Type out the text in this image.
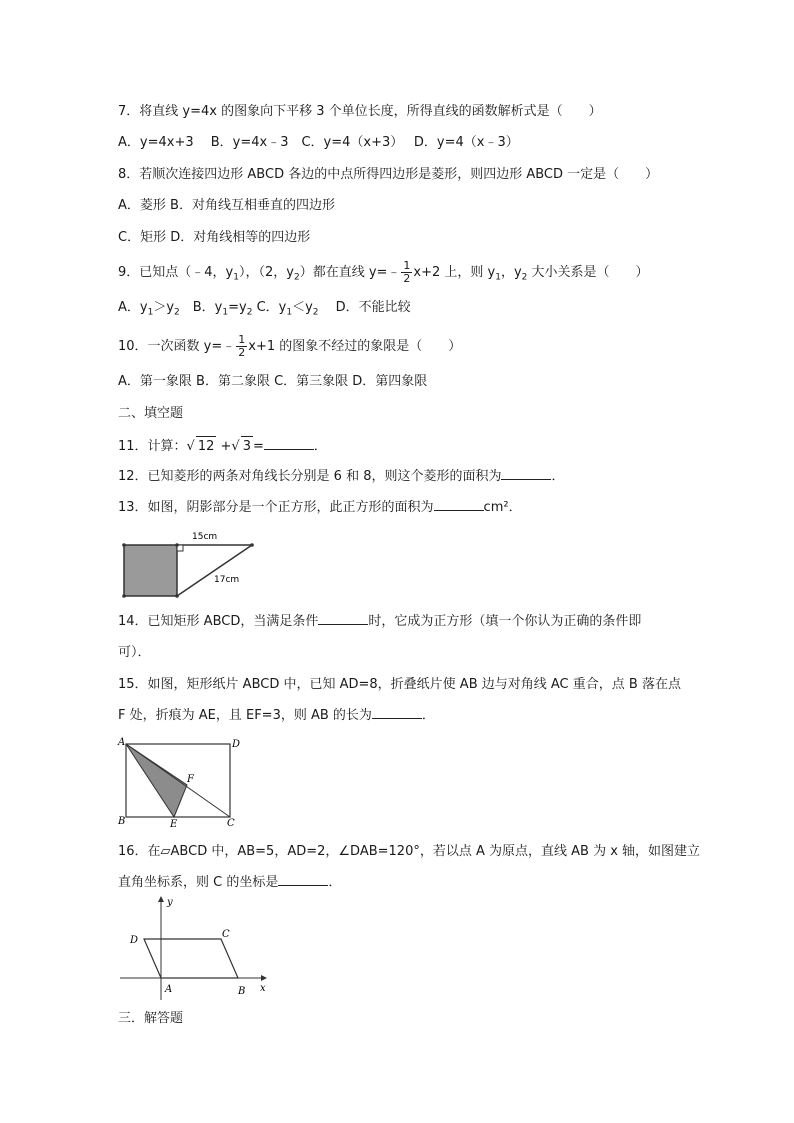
7．将直线 y=4x 的图象向下平移 3 个单位长度，所得直线的函数解析式是（　　）
A．y=4x+3　 B．y=4x﹣3　C．y=4（x+3）　 D．y=4（x﹣3）
8．若顺次连接四边形 ABCD 各边的中点所得四边形是菱形，则四边形 ABCD 一定是（　　）
A．菱形 B．对角线互相垂直的四边形
C．矩形 D．对角线相等的四边形
9．已知点（﹣4，$y_1$），（2，$y_2$）都在直线 y=﹣ $\frac{1}{2} x+2$ 上，则 $y_1$，$y_2$ 大小关系是（　　）
A．$y_1>y_2$　B．$y_1=y_2$ C．$y_1<y_2$　 D．不能比较
10．一次函数 y=﹣ $\frac{1}{2} x+1$ 的图象不经过的象限是（　　）
A．第一象限 B．第二象限 C．第三象限 D．第四象限
二、填空题
11．计算：√ 12 +√ 3 =	．
12．已知菱形的两条对角线长分别是 6 和 8，则这个菱形的面积为	．
13．如图，阴影部分是一个正方形，此正方形的面积为	cm²．
15cm
17cm
14．已知矩形 ABCD，当满足条件	时，它成为正方形（填一个你认为正确的条件即
可）．
15．如图，矩形纸片 ABCD 中，已知 AD=8，折叠纸片使 AB 边与对角线 AC 重合，点 B 落在点
F 处，折痕为 AE，且 EF=3，则 AB 的长为	．
A	D
B	C
E
F
16．在▱ABCD 中，AB=5，AD=2，∠DAB=120°，若以点 A 为原点，直线 AB 为 x 轴，如图建立
直角坐标系，则 C 的坐标是	．
y
x
A	B
C
D
三．解答题
